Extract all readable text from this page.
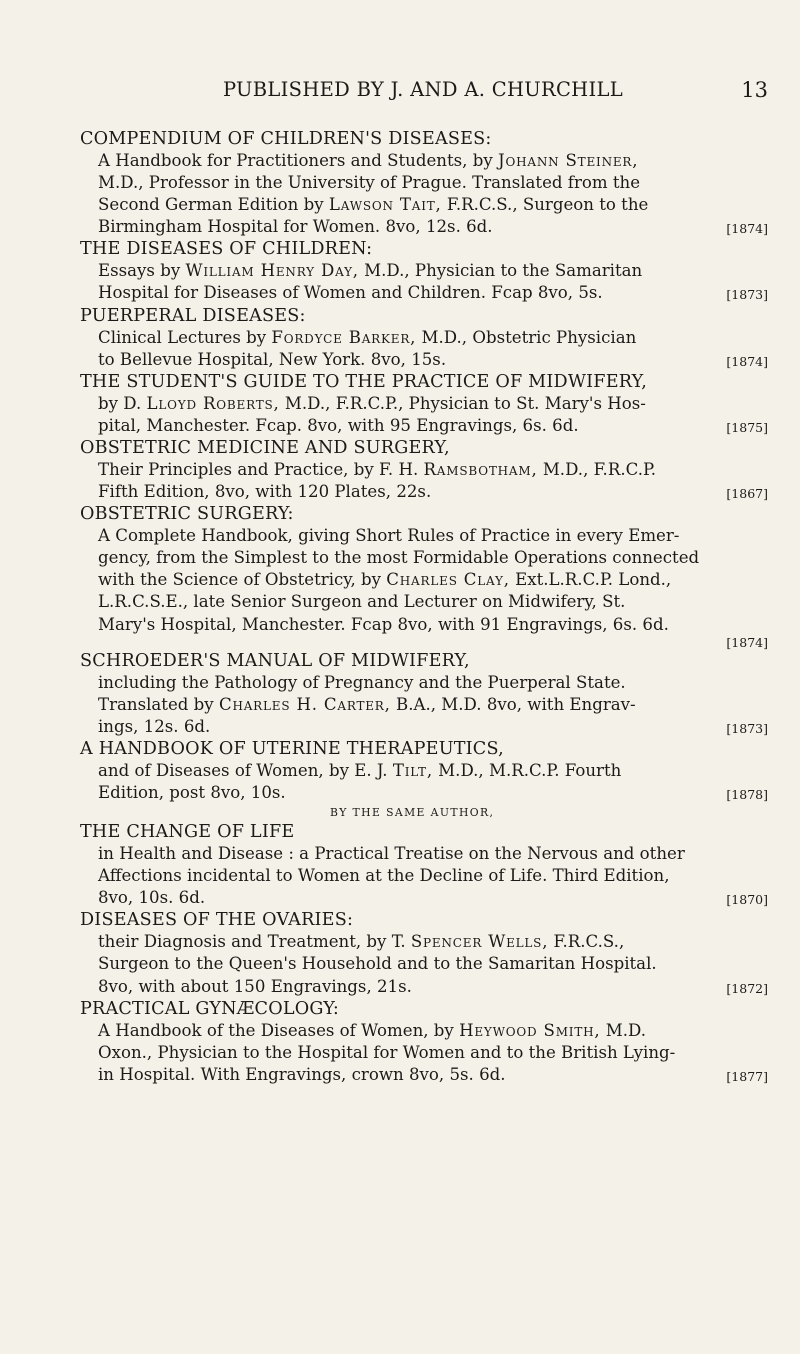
PUBLISHED BY J. AND A. CHURCHILL	13
COMPENDIUM OF CHILDREN'S DISEASES:
A Handbook for Practitioners and Students, by Johann Steiner,
M.D., Professor in the University of Prague. Translated from the
Second German Edition by Lawson Tait, F.R.C.S., Surgeon to the
[1874]
Birmingham Hospital for Women. 8vo, 12s. 6d.
THE DISEASES OF CHILDREN:
Essays by William Henry Day, M.D., Physician to the Samaritan
[1873]
Hospital for Diseases of Women and Children. Fcap 8vo, 5s.
PUERPERAL DISEASES:
Clinical Lectures by Fordyce Barker, M.D., Obstetric Physician
[1874]
to Bellevue Hospital, New York. 8vo, 15s.
THE STUDENT'S GUIDE TO THE PRACTICE OF MIDWIFERY,
by D. Lloyd Roberts, M.D., F.R.C.P., Physician to St. Mary's Hos-
[1875]
pital, Manchester. Fcap. 8vo, with 95 Engravings, 6s. 6d.
OBSTETRIC MEDICINE AND SURGERY,
Their Principles and Practice, by F. H. Ramsbotham, M.D., F.R.C.P.
[1867]
Fifth Edition, 8vo, with 120 Plates, 22s.
OBSTETRIC SURGERY:
A Complete Handbook, giving Short Rules of Practice in every Emer-
gency, from the Simplest to the most Formidable Operations connected
with the Science of Obstetricy, by Charles Clay, Ext.L.R.C.P. Lond.,
L.R.C.S.E., late Senior Surgeon and Lecturer on Midwifery, St.
Mary's Hospital, Manchester. Fcap 8vo, with 91 Engravings, 6s. 6d.
[1874]
SCHROEDER'S MANUAL OF MIDWIFERY,
including the Pathology of Pregnancy and the Puerperal State.
Translated by Charles H. Carter, B.A., M.D. 8vo, with Engrav-
[1873]
ings, 12s. 6d.
A HANDBOOK OF UTERINE THERAPEUTICS,
and of Diseases of Women, by E. J. Tilt, M.D., M.R.C.P. Fourth
[1878]
Edition, post 8vo, 10s.
BY THE SAME AUTHOR,
THE CHANGE OF LIFE
in Health and Disease : a Practical Treatise on the Nervous and other
Affections incidental to Women at the Decline of Life. Third Edition,
[1870]
8vo, 10s. 6d.
DISEASES OF THE OVARIES:
their Diagnosis and Treatment, by T. Spencer Wells, F.R.C.S.,
Surgeon to the Queen's Household and to the Samaritan Hospital.
[1872]
8vo, with about 150 Engravings, 21s.
PRACTICAL GYNÆCOLOGY:
A Handbook of the Diseases of Women, by Heywood Smith, M.D.
Oxon., Physician to the Hospital for Women and to the British Lying-
[1877]
in Hospital. With Engravings, crown 8vo, 5s. 6d.
